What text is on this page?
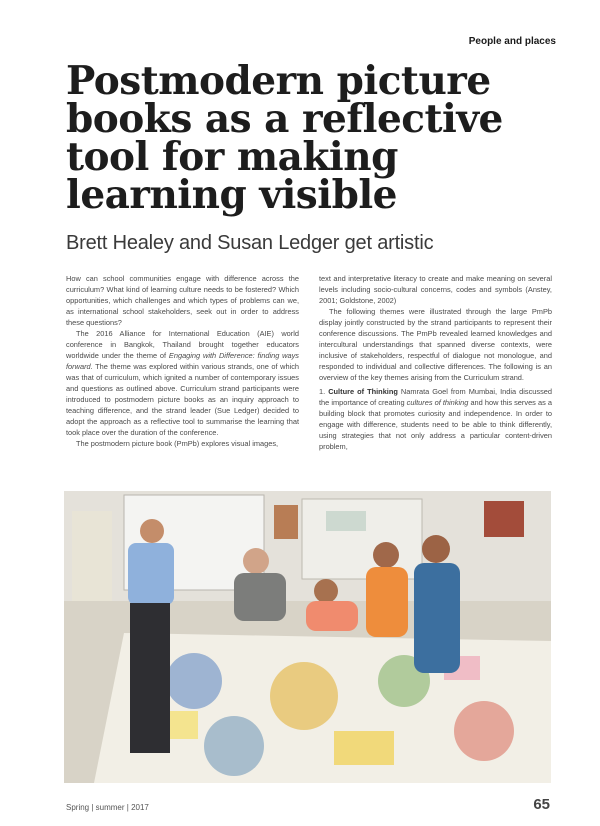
People and places
Postmodern picture books as a reflective tool for making learning visible
Brett Healey and Susan Ledger get artistic

How can school communities engage with difference across the curriculum? What kind of learning culture needs to be fostered? Which opportunities, which challenges and which types of problems can we, as international school stakeholders, seek out in order to address these questions?

The 2016 Alliance for International Education (AIE) world conference in Bangkok, Thailand brought together educators worldwide under the theme of Engaging with Difference: finding ways forward. The theme was explored within various strands, one of which was that of curriculum, which ignited a number of contemporary issues and questions as outlined above. Curriculum strand participants were introduced to postmodern picture books as an inquiry approach to teaching difference, and the strand leader (Sue Ledger) decided to adopt the approach as a reflective tool to summarise the learning that took place over the duration of the conference.

The postmodern picture book (PmPb) explores visual images,

text and interpretative literacy to create and make meaning on several levels including socio-cultural concerns, codes and symbols (Anstey, 2001; Goldstone, 2002)

The following themes were illustrated through the large PmPb display jointly constructed by the strand participants to represent their conference discussions. The PmPb revealed learned knowledges and intercultural understandings that spanned diverse contexts, were inclusive of stakeholders, respectful of dialogue not monologue, and responded to individual and collective differences. The following is an overview of the key themes arising from the Curriculum strand.

1. Culture of Thinking Namrata Goel from Mumbai, India discussed the importance of creating cultures of thinking and how this serves as a building block that promotes curiosity and independence. In order to engage with difference, students need to be able to think differently, using strategies that not only address a particular content-driven problem,

Spring | summer | 2017	65
